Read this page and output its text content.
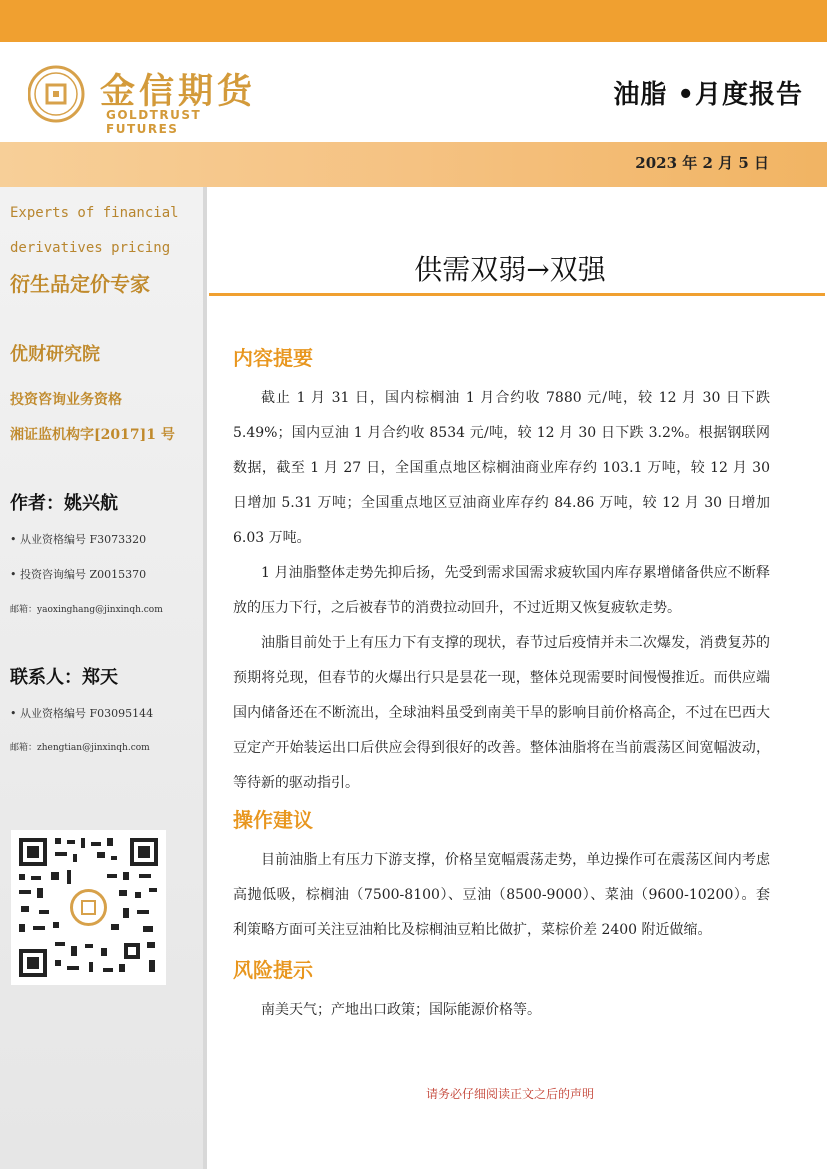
金信期货
GOLDTRUST FUTURES
油脂 •月度报告
2023 年 2 月 5 日
Experts of financial
derivatives pricing
衍生品定价专家
优财研究院
投资咨询业务资格
湘证监机构字[2017]1 号
作者：姚兴航
• 从业资格编号 F3073320
• 投资咨询编号 Z0015370
邮箱：yaoxinghang@jinxinqh.com
联系人：郑天
• 从业资格编号 F03095144
邮箱：zhengtian@jinxinqh.com
供需双弱→双强
内容提要
截止 1 月 31 日，国内棕榈油 1 月合约收 7880 元/吨，较 12 月 30 日下跌 5.49%；国内豆油 1 月合约收 8534 元/吨，较 12 月 30 日下跌 3.2%。根据钢联网数据，截至 1 月 27 日，全国重点地区棕榈油商业库存约 103.1 万吨，较 12 月 30 日增加 5.31 万吨；全国重点地区豆油商业库存约 84.86 万吨，较 12 月 30 日增加 6.03 万吨。
1 月油脂整体走势先抑后扬，先受到需求国需求疲软国内库存累增储备供应不断释放的压力下行，之后被春节的消费拉动回升，不过近期又恢复疲软走势。
油脂目前处于上有压力下有支撑的现状，春节过后疫情并未二次爆发，消费复苏的预期将兑现，但春节的火爆出行只是昙花一现，整体兑现需要时间慢慢推近。而供应端国内储备还在不断流出，全球油料虽受到南美干旱的影响目前价格高企，不过在巴西大豆定产开始装运出口后供应会得到很好的改善。整体油脂将在当前震荡区间宽幅波动，等待新的驱动指引。
操作建议
目前油脂上有压力下游支撑，价格呈宽幅震荡走势，单边操作可在震荡区间内考虑高抛低吸，棕榈油（7500-8100）、豆油（8500-9000）、菜油（9600-10200）。套利策略方面可关注豆油粕比及棕榈油豆粕比做扩，菜棕价差 2400 附近做缩。
风险提示
南美天气；产地出口政策；国际能源价格等。
请务必仔细阅读正文之后的声明
